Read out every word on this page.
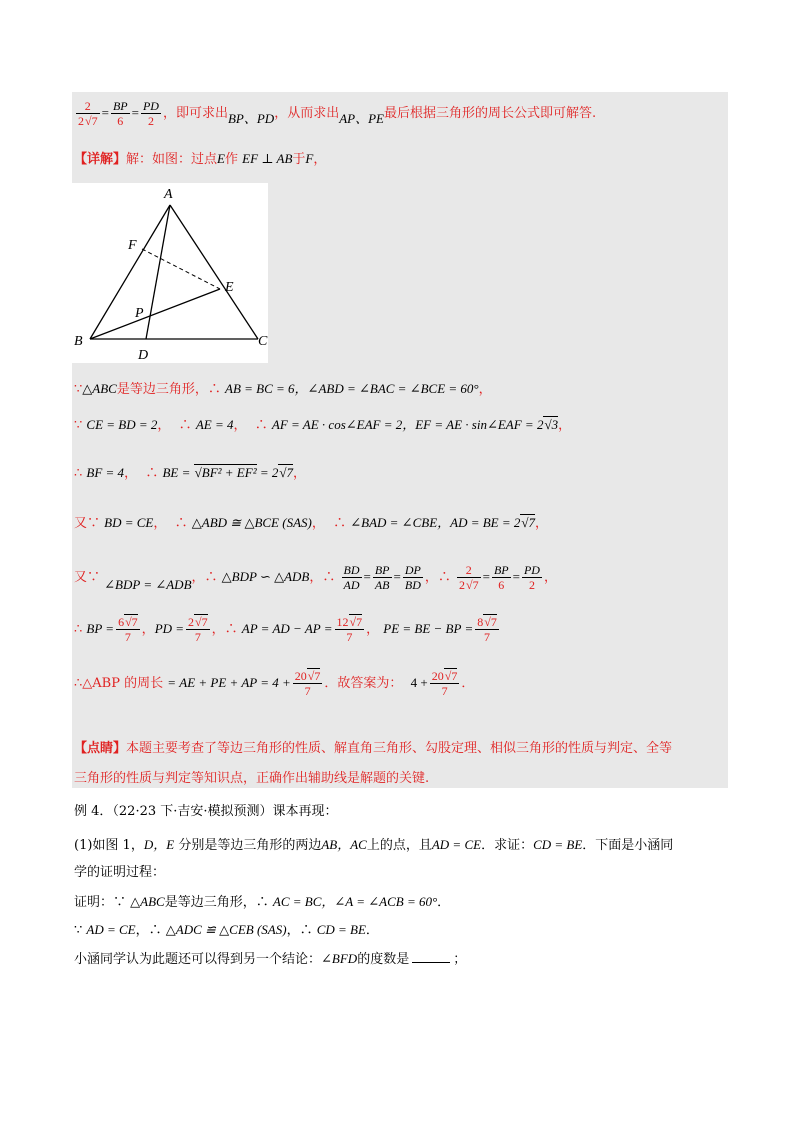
$\frac{2}{2√7} = \frac{BP}{6} = \frac{PD}{2}$ ，即可求出BP、PD，从而求出AP、PE最后根据三角形的周长公式即可解答.
【详解】解：如图：过点E作 EF ⊥ AB于F，
A
F
E
P
B
D
C
∵△ABC是等边三角形，∴ AB = BC = 6，∠ABD = ∠BAC = ∠BCE = 60°，
∵ CE = BD = 2，  ∴ AE = 4，  ∴ AF = AE · cos∠EAF = 2，EF = AE · sin∠EAF = 2√3，
∴ BF = 4，  ∴ BE = √BF² + EF² = 2√7，
又∵ BD = CE，  ∴ △ABD ≅ △BCE (SAS)，  ∴ ∠BAD = ∠CBE，AD = BE = 2√7，
又∵ ∠BDP = ∠ADB，∴ △BDP ∽ △ADB，∴ $\frac{BD}{AD} = \frac{BP}{AB} = \frac{DP}{BD}$ ，∴ $\frac{2}{2√7} = \frac{BP}{6} = \frac{PD}{2}$ ，
∴ BP = $\frac{6√7}{7}$ ，PD = $\frac{2√7}{7}$ ，∴ AP = AD − AP = $\frac{12√7}{7}$ ， PE = BE − BP = $\frac{8√7}{7}$
∴△ABP 的周长 = AE + PE + AP = $4 + \frac{20√7}{7}$ ．故答案为： $4 + \frac{20√7}{7}$ ．
【点睛】本题主要考查了等边三角形的性质、解直角三角形、勾股定理、相似三角形的性质与判定、全等
三角形的性质与判定等知识点，正确作出辅助线是解题的关键.
例 4．（22·23 下·吉安·模拟预测）课本再现：
(1)如图 1，D，E 分别是等边三角形的两边AB，AC上的点，且AD = CE．求证：CD = BE．下面是小涵同
学的证明过程：
证明：∵ △ABC是等边三角形，∴ AC = BC，∠A = ∠ACB = 60°．
∵ AD = CE，∴ △ADC ≌ △CEB (SAS)，∴ CD = BE．
小涵同学认为此题还可以得到另一个结论：∠BFD的度数是	；
